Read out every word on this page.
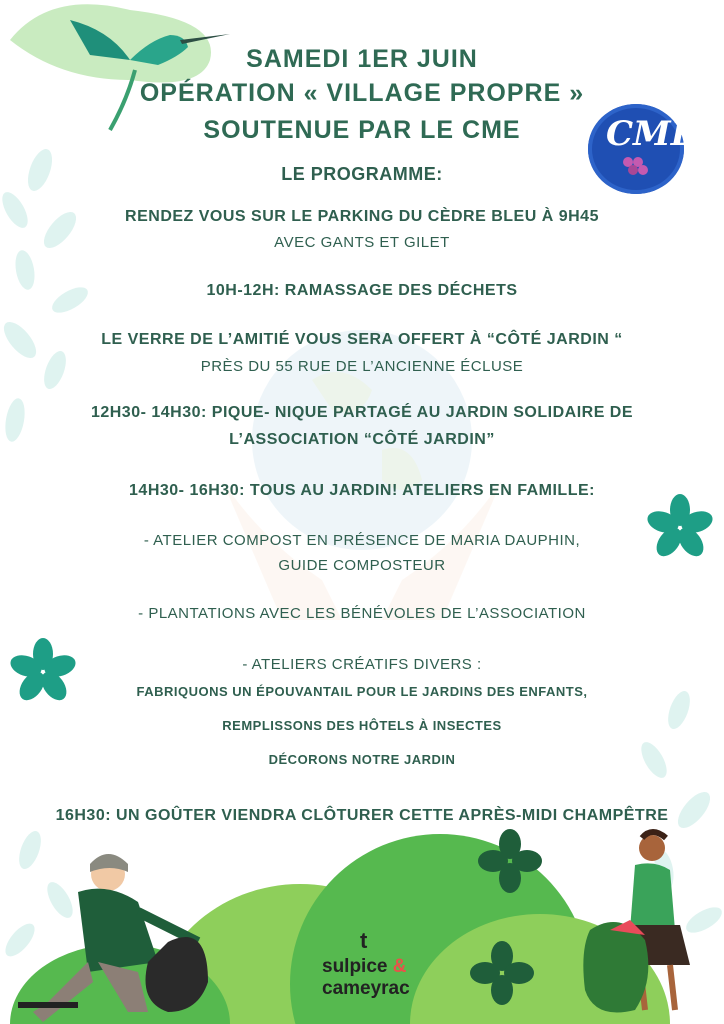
SAMEDI 1ER JUIN
OPÉRATION « VILLAGE PROPRE »
SOUTENUE PAR LE CME	CME
LE PROGRAMME:
RENDEZ VOUS SUR LE PARKING DU CÈDRE BLEU À 9H45
AVEC GANTS ET GILET
10H-12H: RAMASSAGE DES DÉCHETS
LE VERRE DE L’AMITIÉ VOUS SERA OFFERT À “CÔTÉ JARDIN “
PRÈS DU 55 RUE DE L’ANCIENNE ÉCLUSE
12H30- 14H30: PIQUE- NIQUE PARTAGÉ AU JARDIN SOLIDAIRE DE
L’ASSOCIATION “CÔTÉ JARDIN”
14H30- 16H30: TOUS AU JARDIN! ATELIERS EN FAMILLE:
- ATELIER COMPOST EN PRÉSENCE DE MARIA DAUPHIN,
GUIDE COMPOSTEUR
- PLANTATIONS AVEC LES BÉNÉVOLES DE L’ASSOCIATION
- ATELIERS CRÉATIFS DIVERS :
FABRIQUONS UN ÉPOUVANTAIL POUR LE JARDINS DES ENFANTS,
REMPLISSONS DES HÔTELS À INSECTES
DÉCORONS NOTRE JARDIN
16H30: UN GOÛTER VIENDRA CLÔTURER CETTE APRÈS-MIDI CHAMPÊTRE
t
sulpice &
cameyrac
